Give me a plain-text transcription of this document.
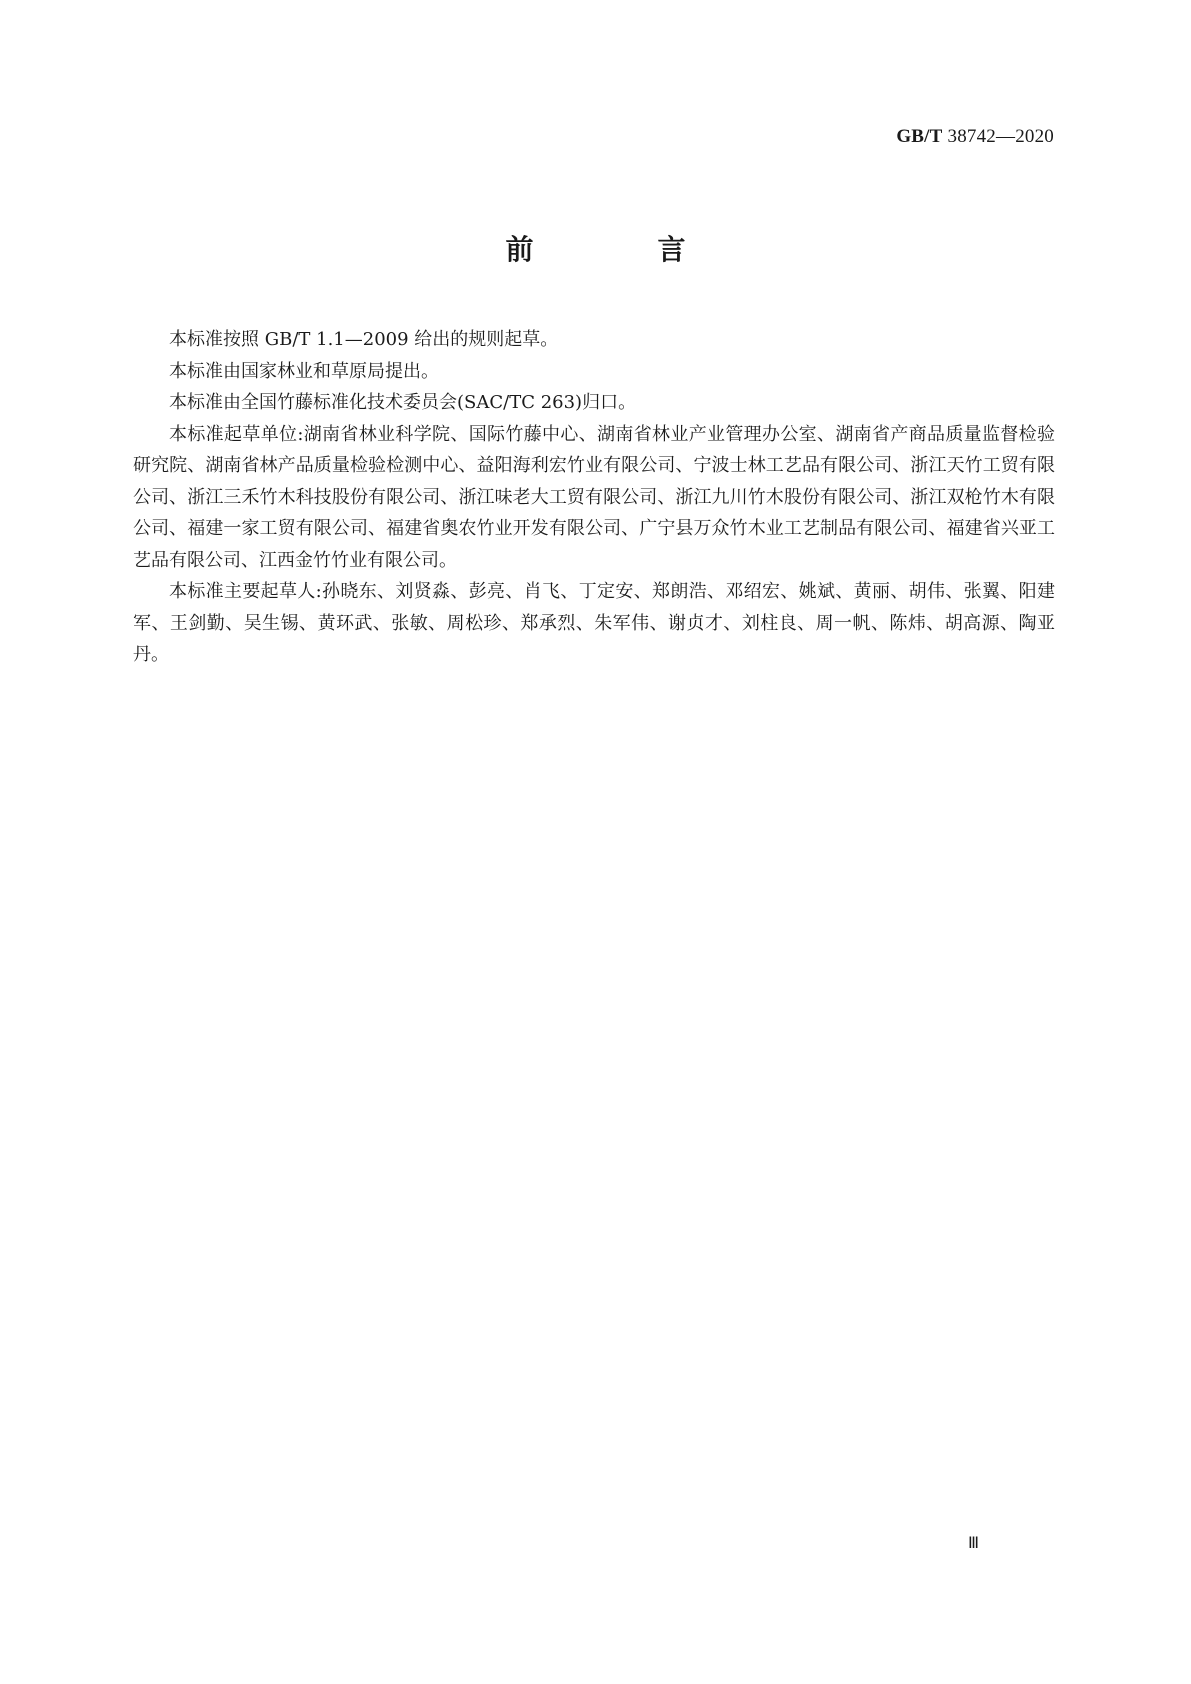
GB/T 38742—2020
前　言

本标准按照 GB/T 1.1—2009 给出的规则起草。

本标准由国家林业和草原局提出。

本标准由全国竹藤标准化技术委员会(SAC/TC 263)归口。

本标准起草单位:湖南省林业科学院、国际竹藤中心、湖南省林业产业管理办公室、湖南省产商品质量监督检验研究院、湖南省林产品质量检验检测中心、益阳海利宏竹业有限公司、宁波士林工艺品有限公司、浙江天竹工贸有限公司、浙江三禾竹木科技股份有限公司、浙江味老大工贸有限公司、浙江九川竹木股份有限公司、浙江双枪竹木有限公司、福建一家工贸有限公司、福建省奥农竹业开发有限公司、广宁县万众竹木业工艺制品有限公司、福建省兴亚工艺品有限公司、江西金竹竹业有限公司。

本标准主要起草人:孙晓东、刘贤淼、彭亮、肖飞、丁定安、郑朗浩、邓绍宏、姚斌、黄丽、胡伟、张翼、阳建军、王剑勤、吴生锡、黄环武、张敏、周松珍、郑承烈、朱军伟、谢贞才、刘柱良、周一帆、陈炜、胡高源、陶亚丹。

Ⅲ
